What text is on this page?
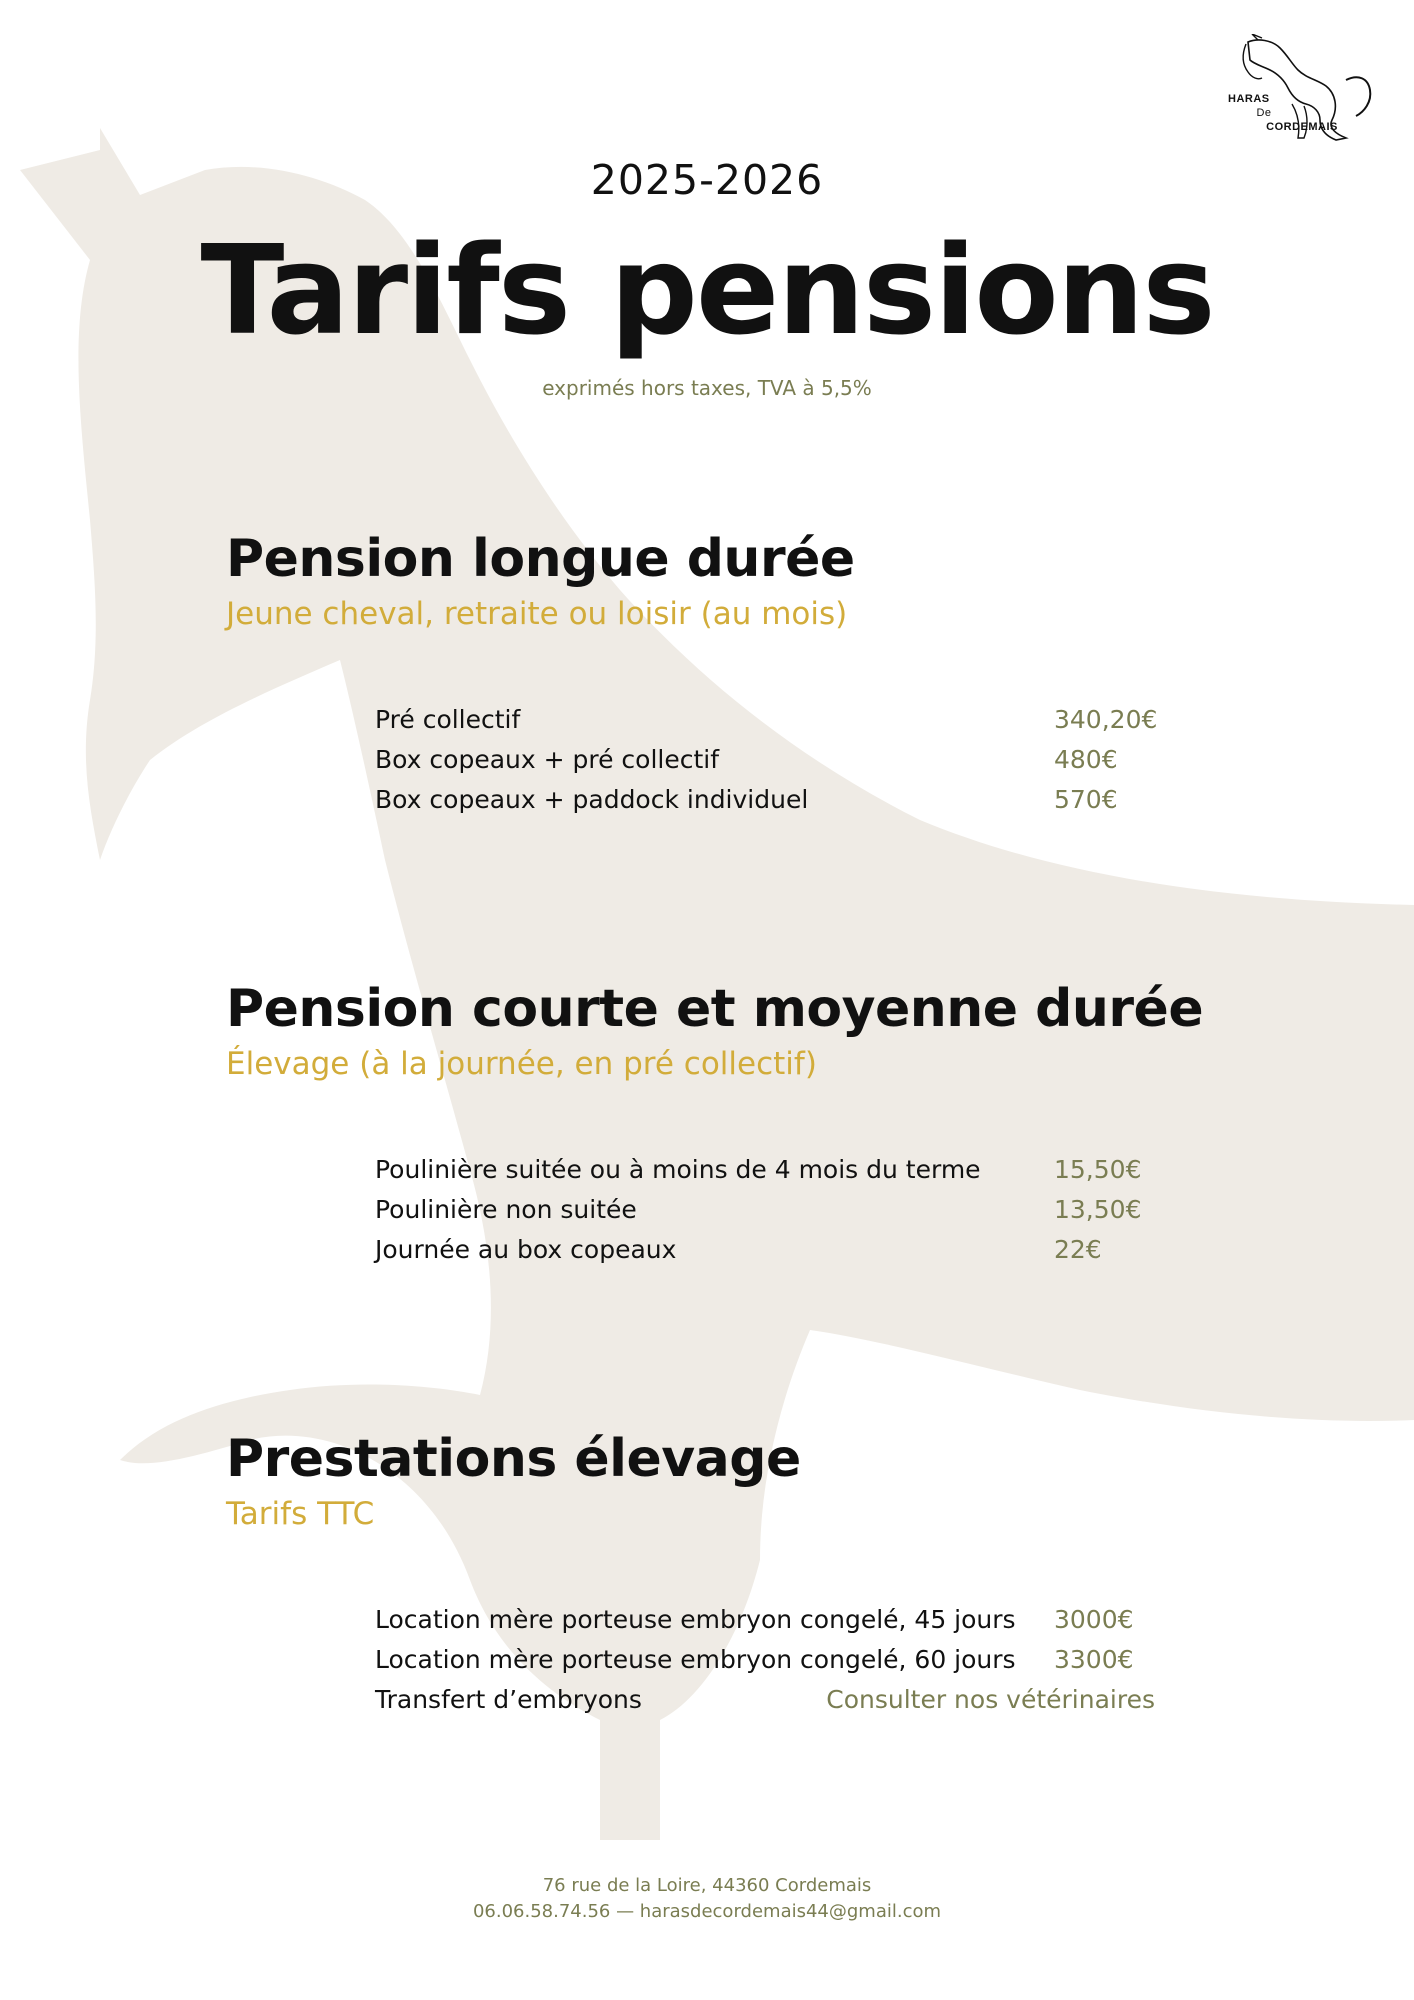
HARAS
De
CORDEMAIS
2025-2026
Tarifs pensions
exprimés hors taxes, TVA à 5,5%
Pension longue durée
Jeune cheval, retraite ou loisir (au mois)
Pré collectif	340,20€
Box copeaux + pré collectif	480€
Box copeaux + paddock individuel	570€
Pension courte et moyenne durée
Élevage (à la journée, en pré collectif)
Poulinière suitée ou à moins de 4 mois du terme	15,50€
Poulinière non suitée	13,50€
Journée au box copeaux	22€
Prestations élevage
Tarifs TTC
Location mère porteuse embryon congelé, 45 jours 3000€
Location mère porteuse embryon congelé, 60 jours 3300€
Transfert d’embryons	Consulter nos vétérinaires
76 rue de la Loire, 44360 Cordemais
06.06.58.74.56 — harasdecordemais44@gmail.com
